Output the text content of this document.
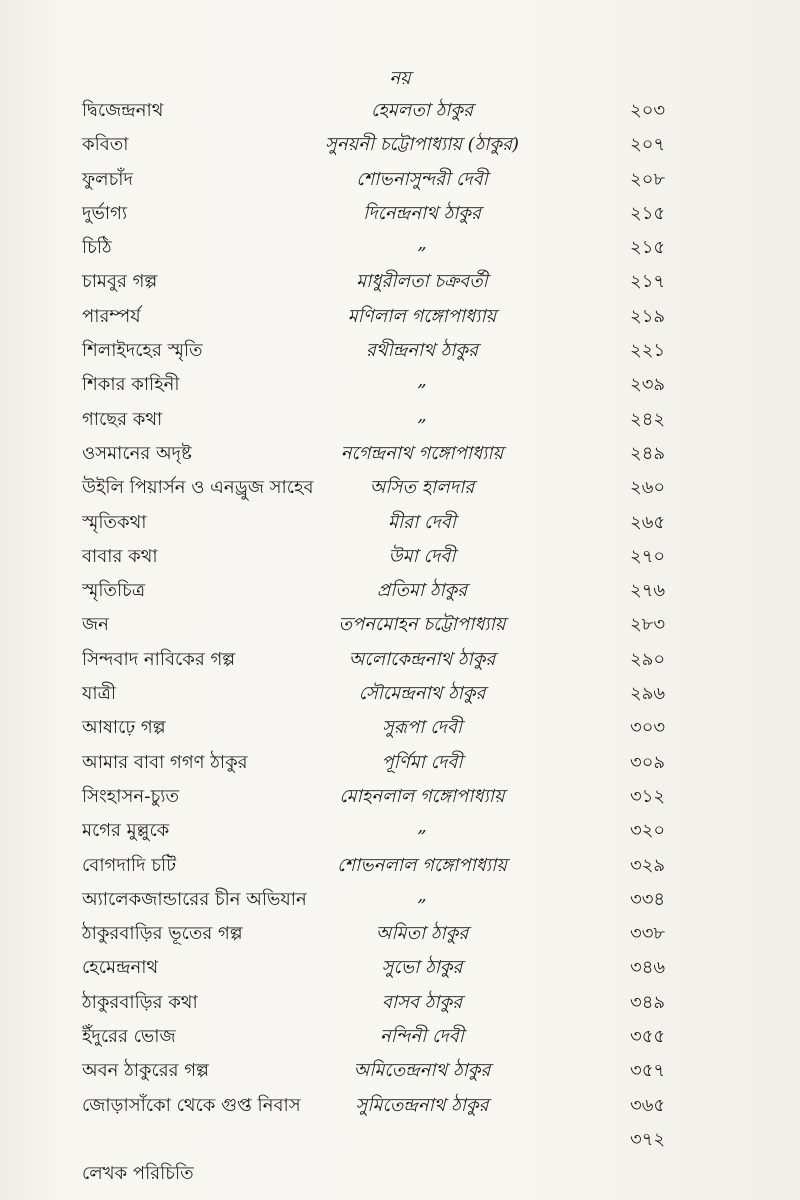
নয়
দ্বিজেন্দ্রনাথ	হেমলতা ঠাকুর	২০৩
কবিতা	সুনয়নী চট্টোপাধ্যায় (ঠাকুর)	২০৭
ফুলচাঁদ	শোভনাসুন্দরী দেবী	২০৮
দুর্ভাগ্য	দিনেন্দ্রনাথ ঠাকুর	২১৫
চিঠি	„	২১৫
চামবুর গল্প	মাধুরীলতা চক্রবর্তী	২১৭
পারম্পর্য	মণিলাল গঙ্গোপাধ্যায়	২১৯
শিলাইদহের স্মৃতি	রথীন্দ্রনাথ ঠাকুর	২২১
শিকার কাহিনী	„	২৩৯
গাছের কথা	„	২৪২
ওসমানের অদৃষ্ট	নগেন্দ্রনাথ গঙ্গোপাধ্যায়	২৪৯
উইলি পিয়ার্সন ও এনড্রুজ সাহেব	অসিত হালদার	২৬০
স্মৃতিকথা	মীরা দেবী	২৬৫
বাবার কথা	উমা দেবী	২৭০
স্মৃতিচিত্র	প্রতিমা ঠাকুর	২৭৬
জন	তপনমোহন চট্টোপাধ্যায়	২৮৩
সিন্দবাদ নাবিকের গল্প	অলোকেন্দ্রনাথ ঠাকুর	২৯০
যাত্রী	সৌমেন্দ্রনাথ ঠাকুর	২৯৬
আষাঢ়ে গল্প	সুরূপা দেবী	৩০৩
আমার বাবা গগণ ঠাকুর	পূর্ণিমা দেবী	৩০৯
সিংহাসন-চ্যুত	মোহনলাল গঙ্গোপাধ্যায়	৩১২
মগের মুল্লুকে	„	৩২০
বোগদাদি চটি	শোভনলাল গঙ্গোপাধ্যায়	৩২৯
অ্যালেকজান্ডারের চীন অভিযান	„	৩৩৪
ঠাকুরবাড়ির ভূতের গল্প	অমিতা ঠাকুর	৩৩৮
হেমেন্দ্রনাথ	সুভো ঠাকুর	৩৪৬
ঠাকুরবাড়ির কথা	বাসব ঠাকুর	৩৪৯
ইঁদুরের ভোজ	নন্দিনী দেবী	৩৫৫
অবন ঠাকুরের গল্প	অমিতেন্দ্রনাথ ঠাকুর	৩৫৭
জোড়াসাঁকো থেকে গুপ্ত নিবাস	সুমিতেন্দ্রনাথ ঠাকুর	৩৬৫
৩৭২
লেখক পরিচিতি
